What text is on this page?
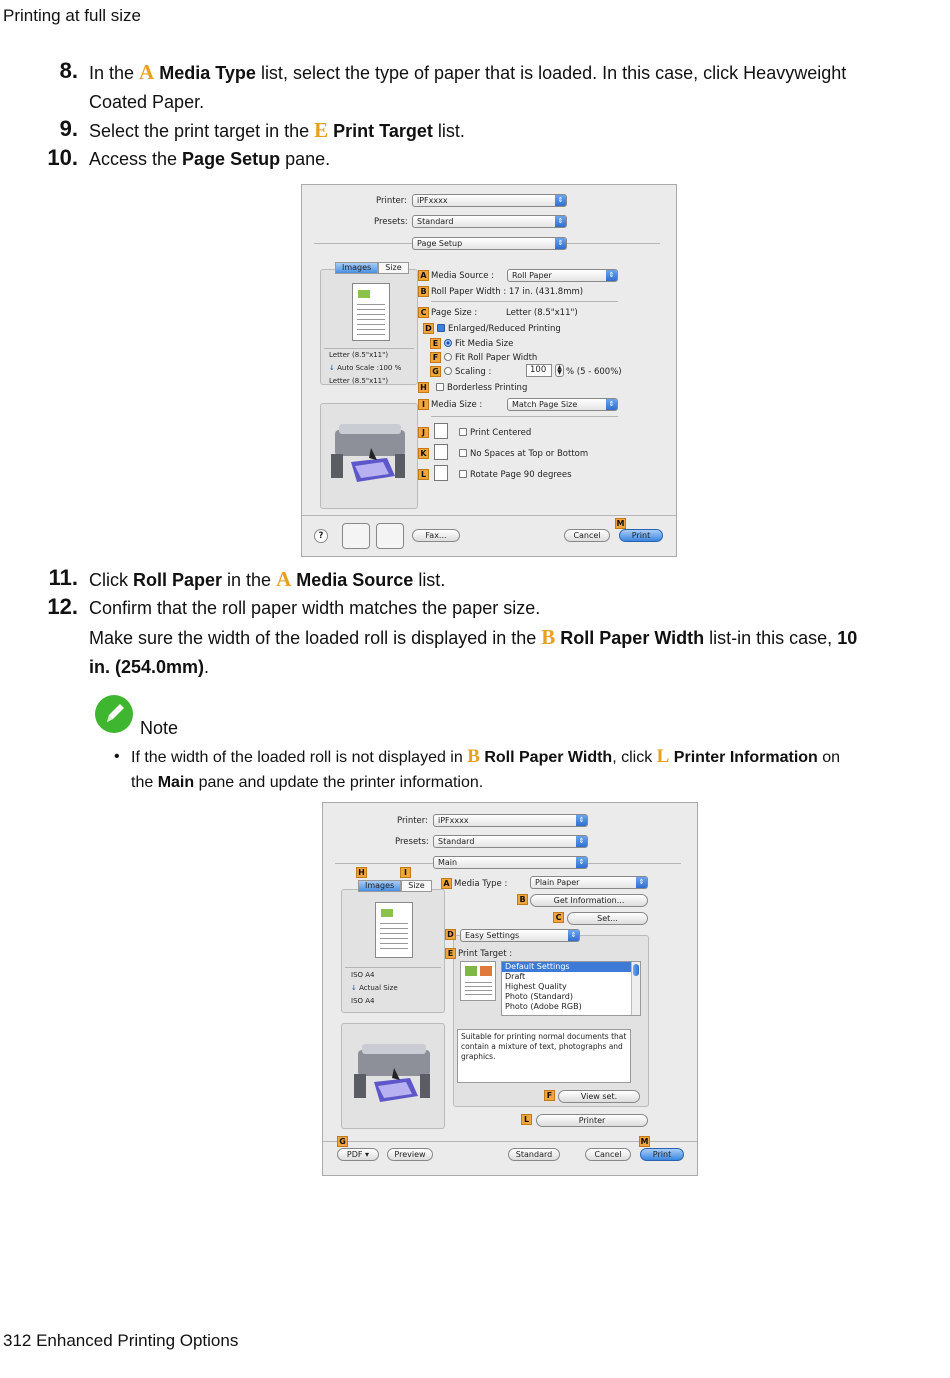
Printing at full size
8. In the A Media Type list, select the type of paper that is loaded. In this case, click Heavyweight
Coated Paper.
9. Select the print target in the E Print Target list.
10. Access the Page Setup pane.
Printer:	iPFxxxx	⇕
Presets:	Standard	⇕
Page Setup	⇕
Images Size
Letter (8.5"x11")
↓ Auto Scale :100 %
Letter (8.5"x11")
A Media Source :	Roll Paper	⇕
B Roll Paper Width : 17 in. (431.8mm)
C Page Size :	Letter (8.5"x11")
D	Enlarged/Reduced Printing
E	Fit Media Size
F	Fit Roll Paper Width
G	Scaling :	100	▲
▼ % (5 - 600%)
H	Borderless Printing
I Media Size :	Match Page Size	⇕
J	Print Centered
K	No Spaces at Top or Bottom
L	Rotate Page 90 degrees
?	Fax...	Cancel
M
Print
11. Click Roll Paper in the A Media Source list.
12. Confirm that the roll paper width matches the paper size.
Make sure the width of the loaded roll is displayed in the B Roll Paper Width list-in this case, 10
in. (254.0mm).
Note
• If the width of the loaded roll is not displayed in B Roll Paper Width, click L Printer Information on
the Main pane and update the printer information.
Printer:	iPFxxxx	⇕
Presets:	Standard	⇕
Main	⇕
H	I
Images Size
ISO A4
↓ Actual Size
ISO A4
A Media Type :	Plain Paper	⇕
B	Get Information...
C	Set...
D	Easy Settings	⇕
E Print Target :
Default Settings
Draft
Highest Quality
Photo (Standard)
Photo (Adobe RGB)
Suitable for printing normal documents that contain a mixture of text, photographs and graphics.
F	View set.
L	Printer
G
PDF ▾	Preview	Standard	Cancel
M
Print
312 Enhanced Printing Options
